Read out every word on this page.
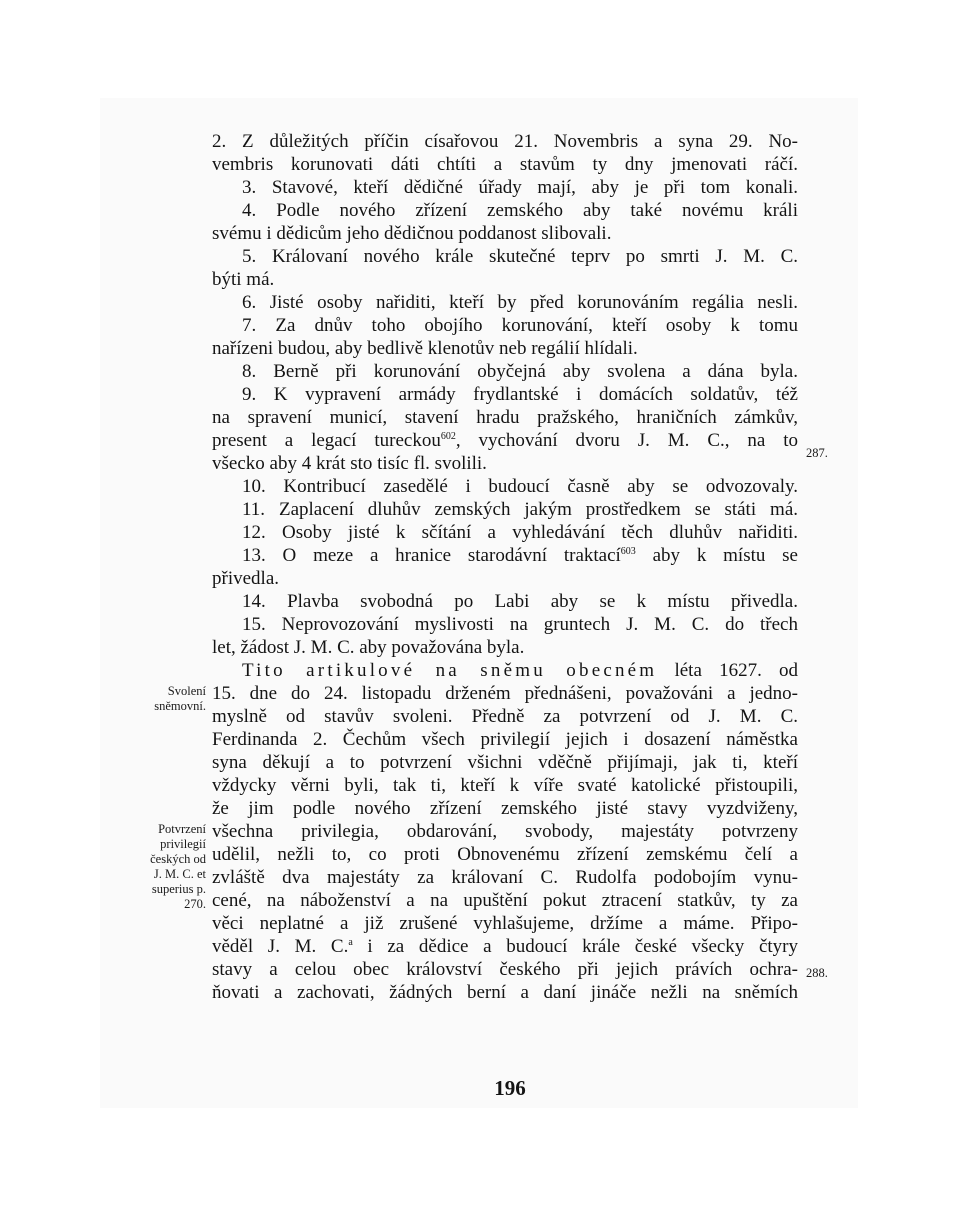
2. Z důležitých příčin císařovou 21. Novembris a syna 29. No-
vembris korunovati dáti chtíti a stavům ty dny jmenovati ráčí.
3. Stavové, kteří dědičné úřady mají, aby je při tom konali.
4. Podle nového zřízení zemského aby také novému králi
svému i dědicům jeho dědičnou poddanost slibovali.
5. Královaní nového krále skutečné teprv po smrti J. M. C.
býti má.
6. Jisté osoby nařiditi, kteří by před korunováním regália nesli.
7. Za dnův toho obojího korunování, kteří osoby k tomu
nařízeni budou, aby bedlivě klenotův neb regálií hlídali.
8. Berně při korunování obyčejná aby svolena a dána byla.
9. K vypravení armády frydlantské i domácích soldatův, též
na spravení municí, stavení hradu pražského, hraničních zámkův,
present a legací tureckou$^{602}$, vychování dvoru J. M. C., na to
všecko aby 4 krát sto tisíc fl. svolili.
10. Kontribucí zasedělé i budoucí časně aby se odvozovaly.
11. Zaplacení dluhův zemských jakým prostředkem se státi má.
12. Osoby jisté k sčítání a vyhledávání těch dluhův nařiditi.
13. O meze a hranice starodávní traktací$^{603}$ aby k místu se
přivedla.
14. Plavba svobodná po Labi aby se k místu přivedla.
15. Neprovozování myslivosti na gruntech J. M. C. do třech
let, žádost J. M. C. aby považována byla.
Tito artikulové na sněmu obecném léta 1627. od
15. dne do 24. listopadu drženém přednášeni, považováni a jedno-
myslně od stavův svoleni. Předně za potvrzení od J. M. C.
Ferdinanda 2. Čechům všech privilegií jejich i dosazení náměstka
syna děkují a to potvrzení všichni vděčně přijímaji, jak ti, kteří
vždycky věrni byli, tak ti, kteří k víře svaté katolické přistoupili,
že jim podle nového zřízení zemského jisté stavy vyzdviženy,
všechna privilegia, obdarování, svobody, majestáty potvrzeny
udělil, nežli to, co proti Obnovenému zřízení zemskému čelí a
zvláště dva majestáty za královaní C. Rudolfa podobojím vynu-
cené, na náboženství a na upuštění pokut ztracení statkův, ty za
věci neplatné a již zrušené vyhlašujeme, držíme a máme. Připo-
věděl J. M. C.$^a$ i za dědice a budoucí krále české všecky čtyry
stavy a celou obec království českého při jejich právích ochra-
ňovati a zachovati, žádných berní a daní jináče nežli na sněmích
Svolení
sněmovní.
Potvrzení
privilegií
českých od
J. M. C. et
superius p.
270.
287.
288.
196
